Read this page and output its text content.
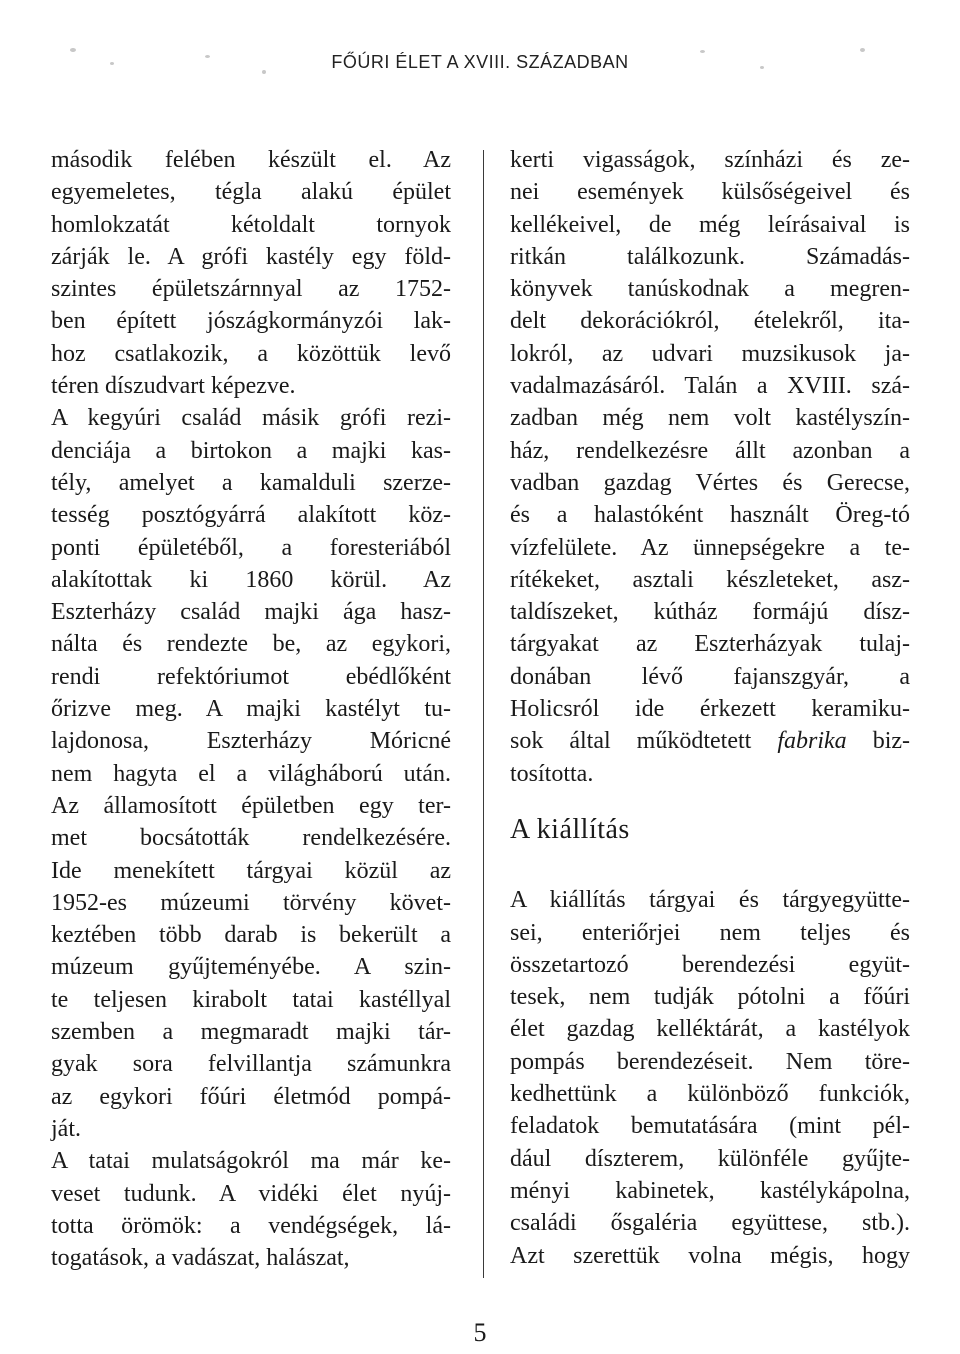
FŐÚRI ÉLET A XVIII. SZÁZADBAN
második felében készült el. Az
egyemeletes, tégla alakú épület
homlokzatát kétoldalt tornyok
zárják le. A grófi kastély egy föld-
szintes épületszárnnyal az 1752-
ben épített jószágkormányzói lak-
hoz csatlakozik, a közöttük levő
téren díszudvart képezve.
A kegyúri család másik grófi rezi-
denciája a birtokon a majki kas-
tély, amelyet a kamalduli szerze-
tesség posztógyárrá alakított köz-
ponti épületéből, a foresteriából
alakítottak ki 1860 körül. Az
Eszterházy család majki ága hasz-
nálta és rendezte be, az egykori,
rendi refektóriumot ebédlőként
őrizve meg. A majki kastélyt tu-
lajdonosa, Eszterházy Móricné
nem hagyta el a világháború után.
Az államosított épületben egy ter-
met bocsátották rendelkezésére.
Ide menekített tárgyai közül az
1952-es múzeumi törvény követ-
keztében több darab is bekerült a
múzeum gyűjteményébe. A szin-
te teljesen kirabolt tatai kastéllyal
szemben a megmaradt majki tár-
gyak sora felvillantja számunkra
az egykori főúri életmód pompá-
ját.
A tatai mulatságokról ma már ke-
veset tudunk. A vidéki élet nyúj-
totta örömök: a vendégségek, lá-
togatások, a vadászat, halászat,
kerti vigasságok, színházi és ze-
nei események külsőségeivel és
kellékeivel, de még leírásaival is
ritkán találkozunk. Számadás-
könyvek tanúskodnak a megren-
delt dekorációkról, ételekről, ita-
lokról, az udvari muzsikusok ja-
vadalmazásáról. Talán a XVIII. szá-
zadban még nem volt kastélyszín-
ház, rendelkezésre állt azonban a
vadban gazdag Vértes és Gerecse,
és a halastóként használt Öreg-tó
vízfelülete. Az ünnepségekre a te-
rítékeket, asztali készleteket, asz-
taldíszeket, kútház formájú dísz-
tárgyakat az Eszterházyak tulaj-
donában lévő fajanszgyár, a
Holicsról ide érkezett keramiku-
sok által működtetett fabrika biz-
tosította.
A kiállítás
A kiállítás tárgyai és tárgyegyütte-
sei, enteriőrjei nem teljes és
összetartozó berendezési együt-
tesek, nem tudják pótolni a főúri
élet gazdag kelléktárát, a kastélyok
pompás berendezéseit. Nem töre-
kedhettünk a különböző funkciók,
feladatok bemutatására (mint pél-
dául díszterem, különféle gyűjte-
ményi kabinetek, kastélykápolna,
családi ősgaléria együttese, stb.).
Azt szerettük volna mégis, hogy
5
